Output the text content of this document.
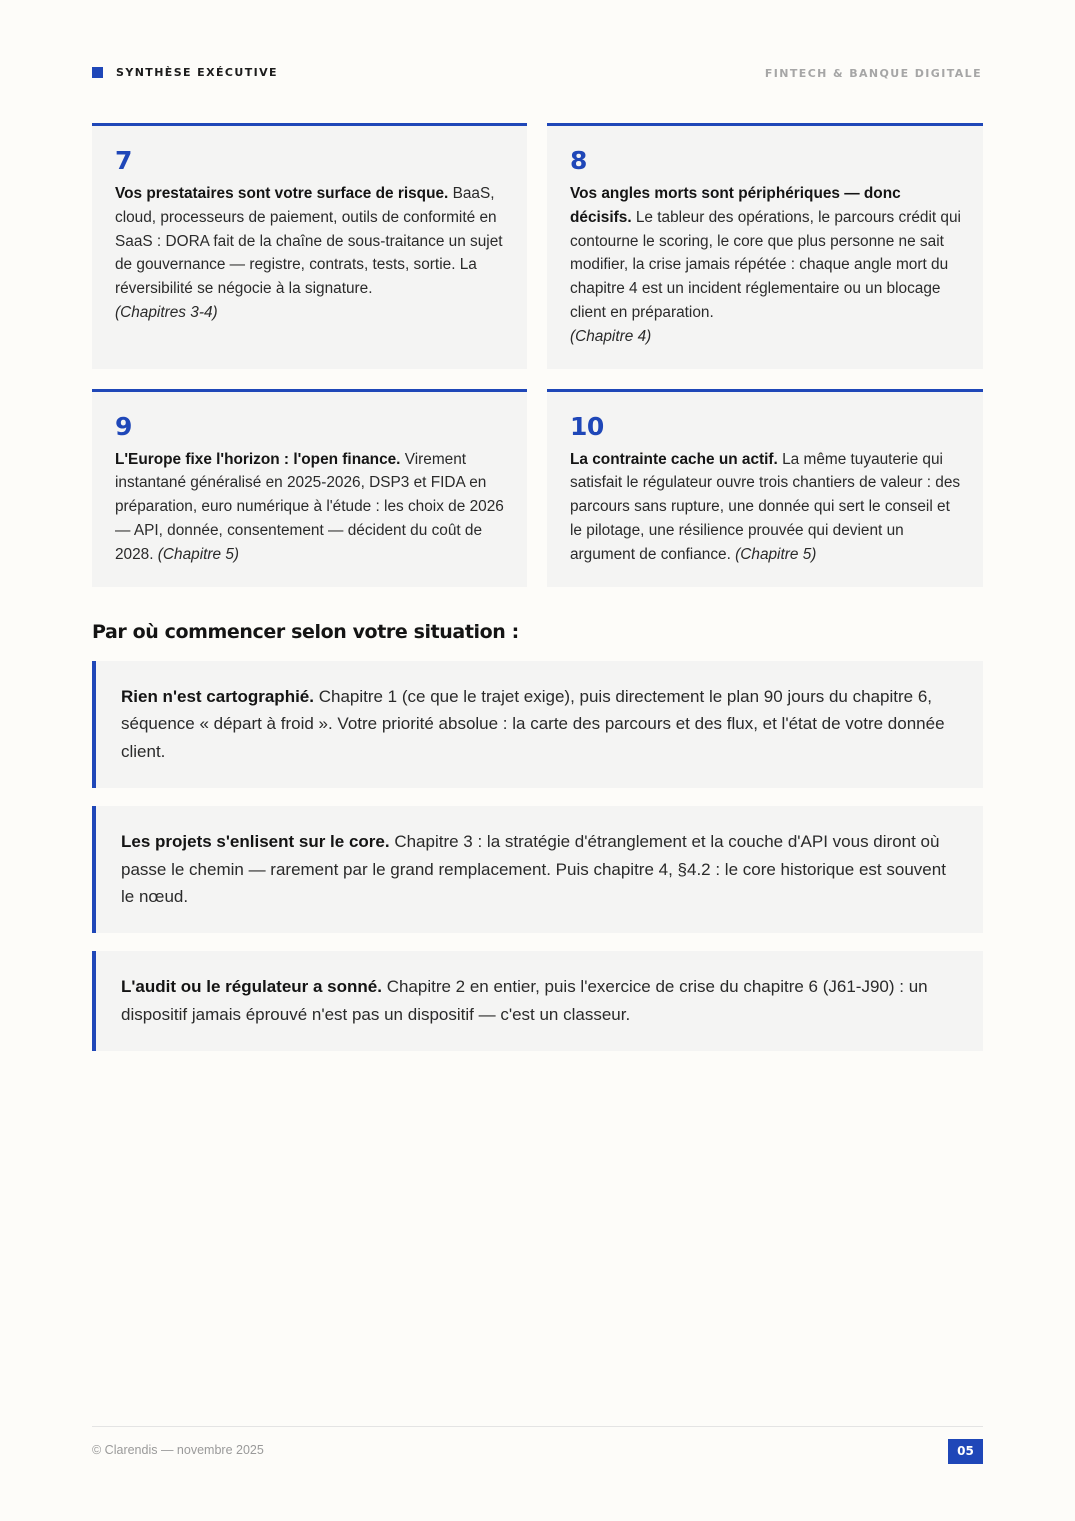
SYNTHÈSE EXÉCUTIVE	FINTECH & BANQUE DIGITALE
7

Vos prestataires sont votre surface de risque. BaaS, cloud, processeurs de paiement, outils de conformité en SaaS : DORA fait de la chaîne de sous-traitance un sujet de gouvernance — registre, contrats, tests, sortie. La réversibilité se négocie à la signature.
(Chapitres 3-4)

8

Vos angles morts sont périphériques — donc décisifs. Le tableur des opérations, le parcours crédit qui contourne le scoring, le core que plus personne ne sait modifier, la crise jamais répétée : chaque angle mort du chapitre 4 est un incident réglementaire ou un blocage client en préparation.
(Chapitre 4)

9

L'Europe fixe l'horizon : l'open finance. Virement instantané généralisé en 2025-2026, DSP3 et FIDA en préparation, euro numérique à l'étude : les choix de 2026 — API, donnée, consentement — décident du coût de 2028. (Chapitre 5)

10

La contrainte cache un actif. La même tuyauterie qui satisfait le régulateur ouvre trois chantiers de valeur : des parcours sans rupture, une donnée qui sert le conseil et le pilotage, une résilience prouvée qui devient un argument de confiance. (Chapitre 5)

Par où commencer selon votre situation :
Rien n'est cartographié. Chapitre 1 (ce que le trajet exige), puis directement le plan 90 jours du chapitre 6, séquence « départ à froid ». Votre priorité absolue : la carte des parcours et des flux, et l'état de votre donnée client.
Les projets s'enlisent sur le core. Chapitre 3 : la stratégie d'étranglement et la couche d'API vous diront où passe le chemin — rarement par le grand remplacement. Puis chapitre 4, §4.2 : le core historique est souvent le nœud.
L'audit ou le régulateur a sonné. Chapitre 2 en entier, puis l'exercice de crise du chapitre 6 (J61-J90) : un dispositif jamais éprouvé n'est pas un dispositif — c'est un classeur.
© Clarendis — novembre 2025	05
